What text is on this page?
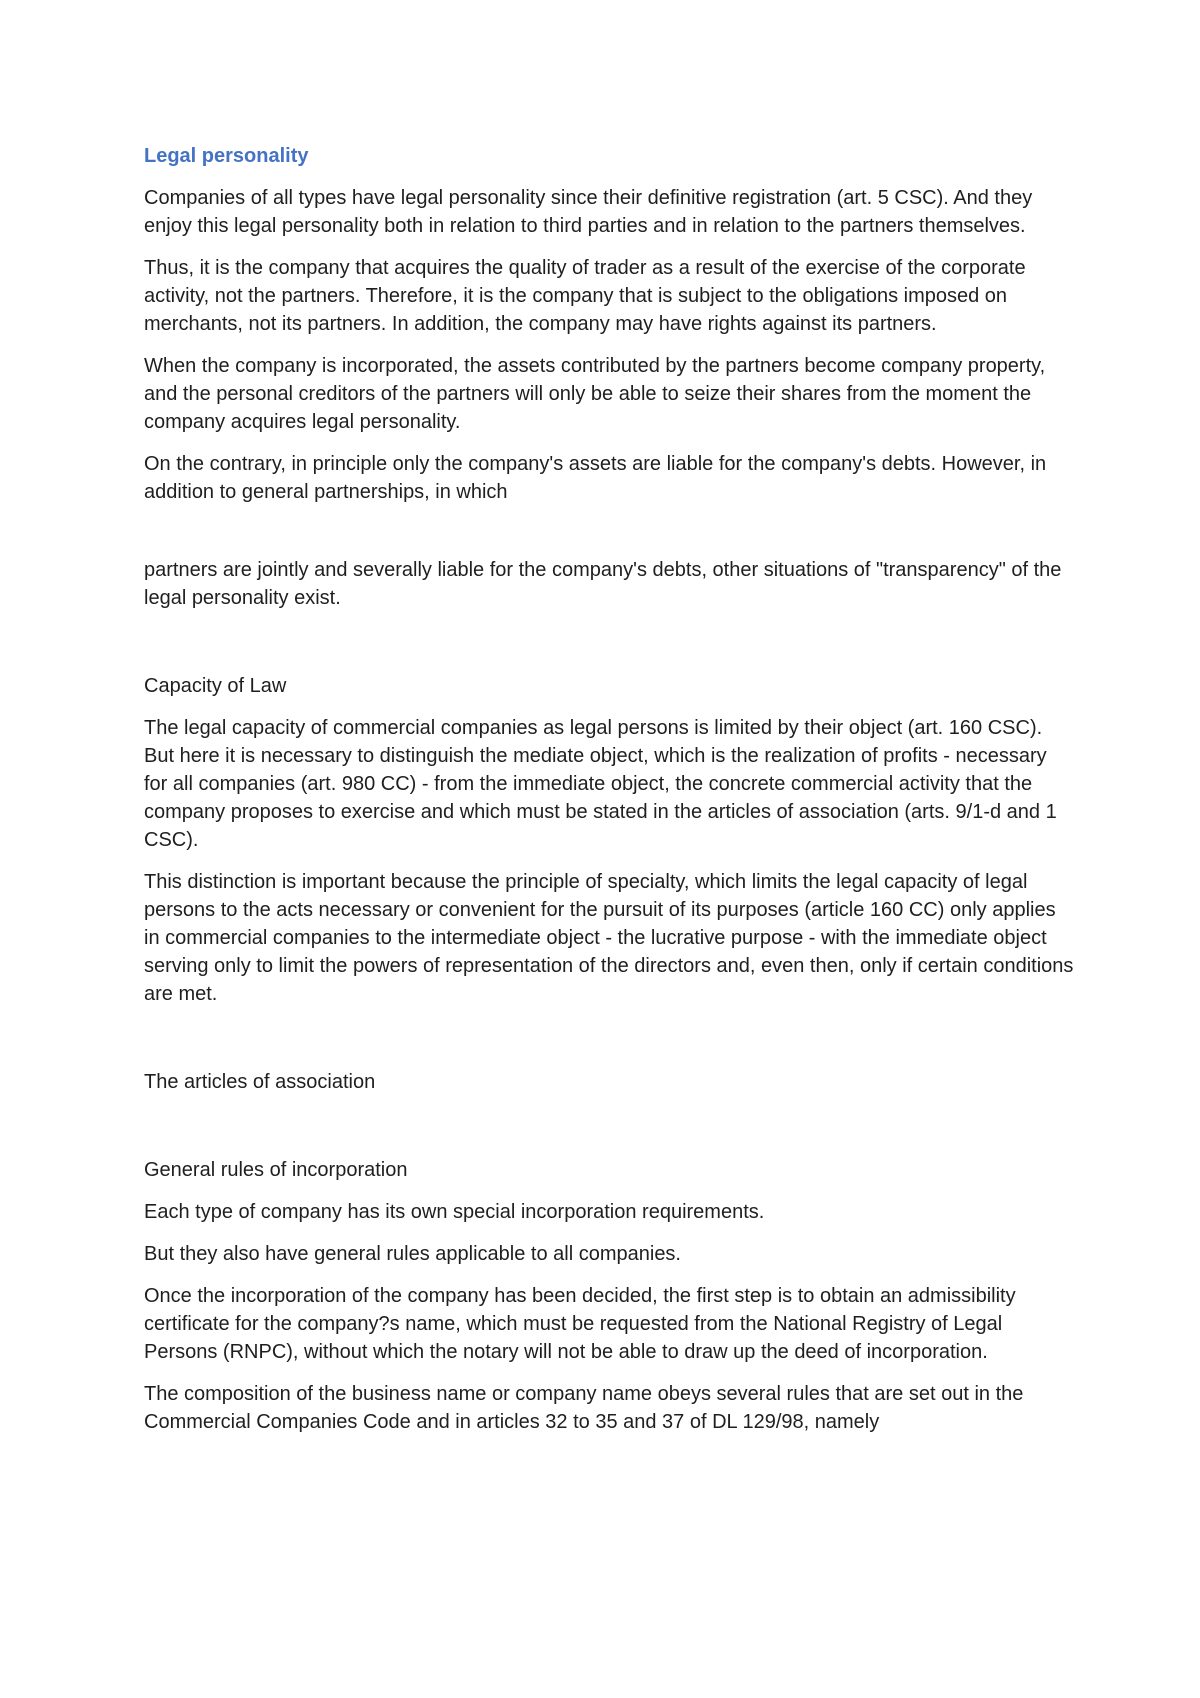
Legal personality

Companies of all types have legal personality since their definitive registration (art. 5 CSC). And they enjoy this legal personality both in relation to third parties and in relation to the partners themselves.

Thus, it is the company that acquires the quality of trader as a result of the exercise of the corporate activity, not the partners. Therefore, it is the company that is subject to the obligations imposed on merchants, not its partners. In addition, the company may have rights against its partners.

When the company is incorporated, the assets contributed by the partners become company property, and the personal creditors of the partners will only be able to seize their shares from the moment the company acquires legal personality.

On the contrary, in principle only the company's assets are liable for the company's debts. However, in addition to general partnerships, in which

partners are jointly and severally liable for the company's debts, other situations of "transparency" of the legal personality exist.

Capacity of Law

The legal capacity of commercial companies as legal persons is limited by their object (art. 160 CSC). But here it is necessary to distinguish the mediate object, which is the realization of profits - necessary for all companies (art. 980 CC) - from the immediate object, the concrete commercial activity that the company proposes to exercise and which must be stated in the articles of association (arts. 9/1-d and 1 CSC).

This distinction is important because the principle of specialty, which limits the legal capacity of legal persons to the acts necessary or convenient for the pursuit of its purposes (article 160 CC) only applies in commercial companies to the intermediate object - the lucrative purpose - with the immediate object serving only to limit the powers of representation of the directors and, even then, only if certain conditions are met.

The articles of association
General rules of incorporation

Each type of company has its own special incorporation requirements.

But they also have general rules applicable to all companies.

Once the incorporation of the company has been decided, the first step is to obtain an admissibility certificate for the company?s name, which must be requested from the National Registry of Legal Persons (RNPC), without which the notary will not be able to draw up the deed of incorporation.

The composition of the business name or company name obeys several rules that are set out in the Commercial Companies Code and in articles 32 to 35 and 37 of DL 129/98, namely
